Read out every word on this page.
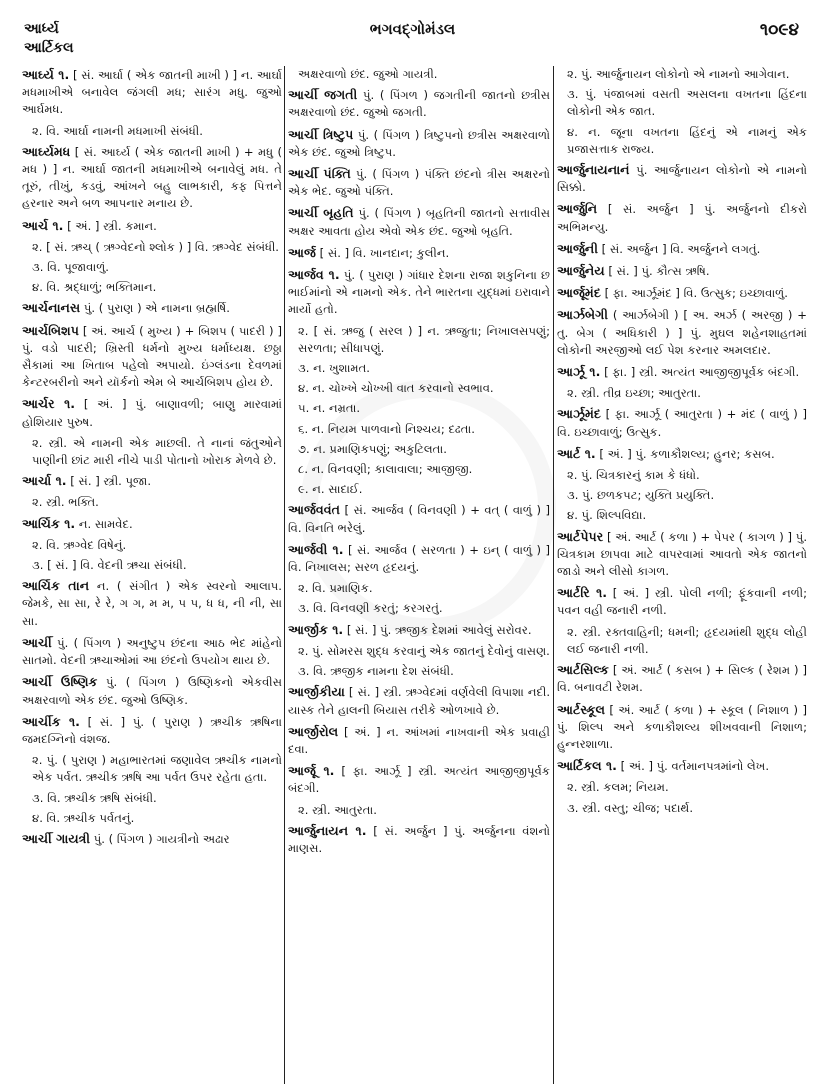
આર્ધ્ય
આર્ટિકલ
ભગવદ્ગોમંડલ	૧૦૯૪
આર્ઘ્ય ૧. [ સં. આર્ઘા ( એક જાતની માખી ) ] ન. આર્ઘા મધમાખીએ બનાવેલ જંગલી મધ; સારંગ મધુ. જુઓ આર્ઘમધ.
૨. વિ. આર્ઘા નામની મધમાખી સંબંધી.
આર્ઘ્યમધ [ સં. આર્ઘ્ય ( એક જાતની માખી ) + મધુ ( મધ ) ] ન. આર્ઘા જાતની મધમાખીએ બનાવેલું મધ. તે તૂરું, તીખું, કડવું, આંખને બહુ લાભકારી, કફ પિત્તને હરનાર અને બળ આપનાર મનાય છે.
આર્ચ ૧. [ અં. ] સ્ત્રી. કમાન.
૨. [ સં. ઋચ્ ( ઋગ્વેદનો શ્લોક ) ] વિ. ઋગ્વેદ સંબંધી.
૩. વિ. પૂજાવાળું.
૪. વિ. શ્રદ્ધાળું; ભક્તિમાન.
આર્ચનાનસ પું. ( પુરાણ ) એ નામના બ્રહ્મર્ષિ.
આર્ચબિશપ [ અં. આર્ચ ( મુખ્ય ) + બિશપ ( પાદરી ) ] પું. વડો પાદરી; ખ્રિસ્તી ધર્મનો મુખ્ય ધર્માધ્યક્ષ. છઠ્ઠા સૈકામાં આ ખિતાબ પહેલો અપાયો. ઇંગ્લંડના દેવળમાં કેન્ટરબરીનો અને યૉર્કનો એમ બે આર્ચબિશપ હોય છે.
આર્ચર ૧. [ અં. ] પું. બાણાવળી; બાણુ મારવામાં હોશિયાર પુરુષ.
૨. સ્ત્રી. એ નામની એક માછલી. તે નાનાં જંતુઓને પાણીની છાંટ મારી નીચે પાડી પોતાનો ખોરાક મેળવે છે.
આર્ચા ૧. [ સં. ] સ્ત્રી. પૂજા.
૨. સ્ત્રી. ભક્તિ.
આર્ચિક ૧. ન. સામવેદ.
૨. વિ. ઋગ્વેદ વિષેનું.
૩. [ સં. ] વિ. વેદની ઋચા સંબંધી.
આર્ચિક તાન ન. ( સંગીત ) એક સ્વરનો આલાપ. જેમકે, સા સા, રે રે, ગ ગ, મ મ, પ પ, ધ ધ, ની ની, સા સા.
આર્ચી પું. ( પિંગળ ) અનુષ્ટુપ છંદના આઠ ભેદ માંહેનો સાતમો. વેદની ઋચાઓમાં આ છંદનો ઉપયોગ થાય છે.
આર્ચી ઉષ્ણિક પું. ( પિંગળ ) ઉષ્ણિકનો એકવીસ અક્ષરવાળો એક છંદ. જુઓ ઉષ્ણિક.
આર્ચીક ૧. [ સં. ] પું. ( પુરાણ ) ઋચીક ઋષિના જમદગ્નિનો વંશજ.
૨. પું. ( પુરાણ ) મહાભારતમાં જણાવેલ ઋચીક નામનો એક પર્વત. ઋચીક ઋષિ આ પર્વત ઉપર રહેતા હતા.
૩. વિ. ઋચીક ઋષિ સંબંધી.
૪. વિ. ઋચીક પર્વતનું.
આર્ચી ગાયત્રી પું. ( પિંગળ ) ગાયત્રીનો અઢાર
અક્ષરવાળો છંદ. જુઓ ગાયત્રી.
આર્ચી જગતી પું. ( પિંગળ ) જગતીની જાતનો છત્રીસ અક્ષરવાળો છંદ. જુઓ જગતી.
આર્ચી ત્રિષ્ટુપ પું. ( પિંગળ ) ત્રિષ્ટુપનો છત્રીસ અક્ષરવાળો એક છંદ. જુઓ ત્રિષ્ટુપ.
આર્ચી પંક્તિ પું. ( પિંગળ ) પંક્તિ છંદનો ત્રીસ અક્ષરનો એક ભેદ. જુઓ પંક્તિ.
આર્ચી બૃહતિ પું. ( પિંગળ ) બૃહતિની જાતનો સત્તાવીસ અક્ષર આવતા હોય એવો એક છંદ. જુઓ બૃહતિ.
આર્જ [ સં. ] વિ. ખાનદાન; કુલીન.
આર્જવ ૧. પું. ( પુરાણ ) ગાંધાર દેશના રાજા શકુનિના છ ભાઈમાંનો એ નામનો એક. તેને ભારતના યુદ્ધમાં ઇરાવાને માર્યો હતો.
૨. [ સં. ઋજુ ( સરલ ) ] ન. ઋજુતા; નિખાલસપણું; સરળતા; સીધાપણું.
૩. ન. ખુશામત.
૪. ન. ચોખ્ખે ચોખ્ખી વાત કરવાનો સ્વભાવ.
૫. ન. નમ્રતા.
૬. ન. નિયમ પાળવાનો નિશ્ચય; દઢતા.
૭. ન. પ્રમાણિકપણું; અકુટિલતા.
૮. ન. વિનવણી; કાલાવાલા; આજીજી.
૯. ન. સાદાઈ.
આર્જવવંત [ સં. આર્જવ ( વિનવણી ) + વત્ ( વાળું ) ] વિ. વિનતિ ભરેલું.
આર્જવી ૧. [ સં. આર્જવ ( સરળતા ) + ઇન્ ( વાળું ) ] વિ. નિખાલસ; સરળ હૃદયનું.
૨. વિ. પ્રમાણિક.
૩. વિ. વિનવણી કરતું; કરગરતું.
આર્જીક ૧. [ સં. ] પું. ઋજીક દેશમાં આવેલું સરોવર.
૨. પું. સોમરસ શુદ્ધ કરવાનું એક જાતનું દેવોનું વાસણ.
૩. વિ. ઋજીક નામના દેશ સંબંધી.
આર્જીકીયા [ સં. ] સ્ત્રી. ઋગ્વેદમાં વર્ણવેલી વિપાશા નદી. યાસ્ક તેને હાલની બિયાસ તરીકે ઓળખાવે છે.
આર્જીરોલ [ અં. ] ન. આંખમાં નાખવાની એક પ્રવાહી દવા.
આર્જૂ ૧. [ ફા. આર્ઝૂ ] સ્ત્રી. અત્યંત આજીજીપૂર્વક બંદગી.
૨. સ્ત્રી. આતુરતા.
આર્જુનાયન ૧. [ સં. અર્જુન ] પું. અર્જુનના વંશનો માણસ.
૨. પું. આર્જુનાયન લોકોનો એ નામનો આગેવાન.
૩. પું. પંજાબમાં વસતી અસલના વખતના હિંદના લોકોની એક જાત.
૪. ન. જૂના વખતના હિંદનું એ નામનું એક પ્રજાસત્તાક રાજ્ય.
આર્જુનાયનાનં પું. આર્જુનાયન લોકોનો એ નામનો સિક્કો.
આર્જુનિ [ સં. અર્જુન ] પું. અર્જુનનો દીકરો અભિમન્યુ.
આર્જુની [ સં. અર્જુન ] વિ. અર્જુનને લગતું.
આર્જુનેય [ સં. ] પું. કૌત્સ ઋષિ.
આર્જૂમંદ [ ફા. આર્ઝૂમંદ ] વિ. ઉત્સુક; ઇચ્છાવાળું.
આર્ઝબેગી ( આર્ઝબેગી ) [ અ. અર્ઝ ( અરજી ) + તુ. બેગ ( અધિકારી ) ] પું. મુઘલ શહેનશાહતમાં લોકોની અરજીઓ લઈ પેશ કરનાર અમલદાર.
આર્ઝૂ ૧. [ ફા. ] સ્ત્રી. અત્યંત આજીજીપૂર્વક બંદગી.
૨. સ્ત્રી. તીવ્ર ઇચ્છા; આતુરતા.
આર્ઝૂમંદ [ ફા. આર્ઝૂ ( આતુરતા ) + મંદ ( વાળું ) ] વિ. ઇચ્છાવાળું; ઉત્સુક.
આર્ટ ૧. [ અં. ] પું. કળાકૌશલ્ય; હુનર; કસબ.
૨. પું. ચિત્રકારનું કામ કે ધંધો.
૩. પું. છળકપટ; યુક્તિ પ્રયુક્તિ.
૪. પું. શિલ્પવિદ્યા.
આર્ટપેપર [ અં. આર્ટ ( કળા ) + પેપર ( કાગળ ) ] પું. ચિત્રકામ છાપવા માટે વાપરવામાં આવતો એક જાતનો જાડો અને લીસો કાગળ.
આર્ટરિ ૧. [ અં. ] સ્ત્રી. પોલી નળી; ફૂંકવાની નળી; પવન વહી જનારી નળી.
૨. સ્ત્રી. રક્તવાહિની; ધમની; હૃદયમાંથી શુદ્ધ લોહી લઈ જનારી નળી.
આર્ટસિલ્ક [ અં. આર્ટ ( કસબ ) + સિલ્ક ( રેશમ ) ] વિ. બનાવટી રેશમ.
આર્ટસ્કૂલ [ અં. આર્ટ ( કળા ) + સ્કૂલ ( નિશાળ ) ] પું. શિલ્પ અને કળાકૌશલ્ય શીખવવાની નિશાળ; હુન્નરશાળા.
આર્ટિકલ ૧. [ અં. ] પું. વર્તમાનપત્રમાંનો લેખ.
૨. સ્ત્રી. કલમ; નિયમ.
૩. સ્ત્રી. વસ્તુ; ચીજ; પદાર્થ.
